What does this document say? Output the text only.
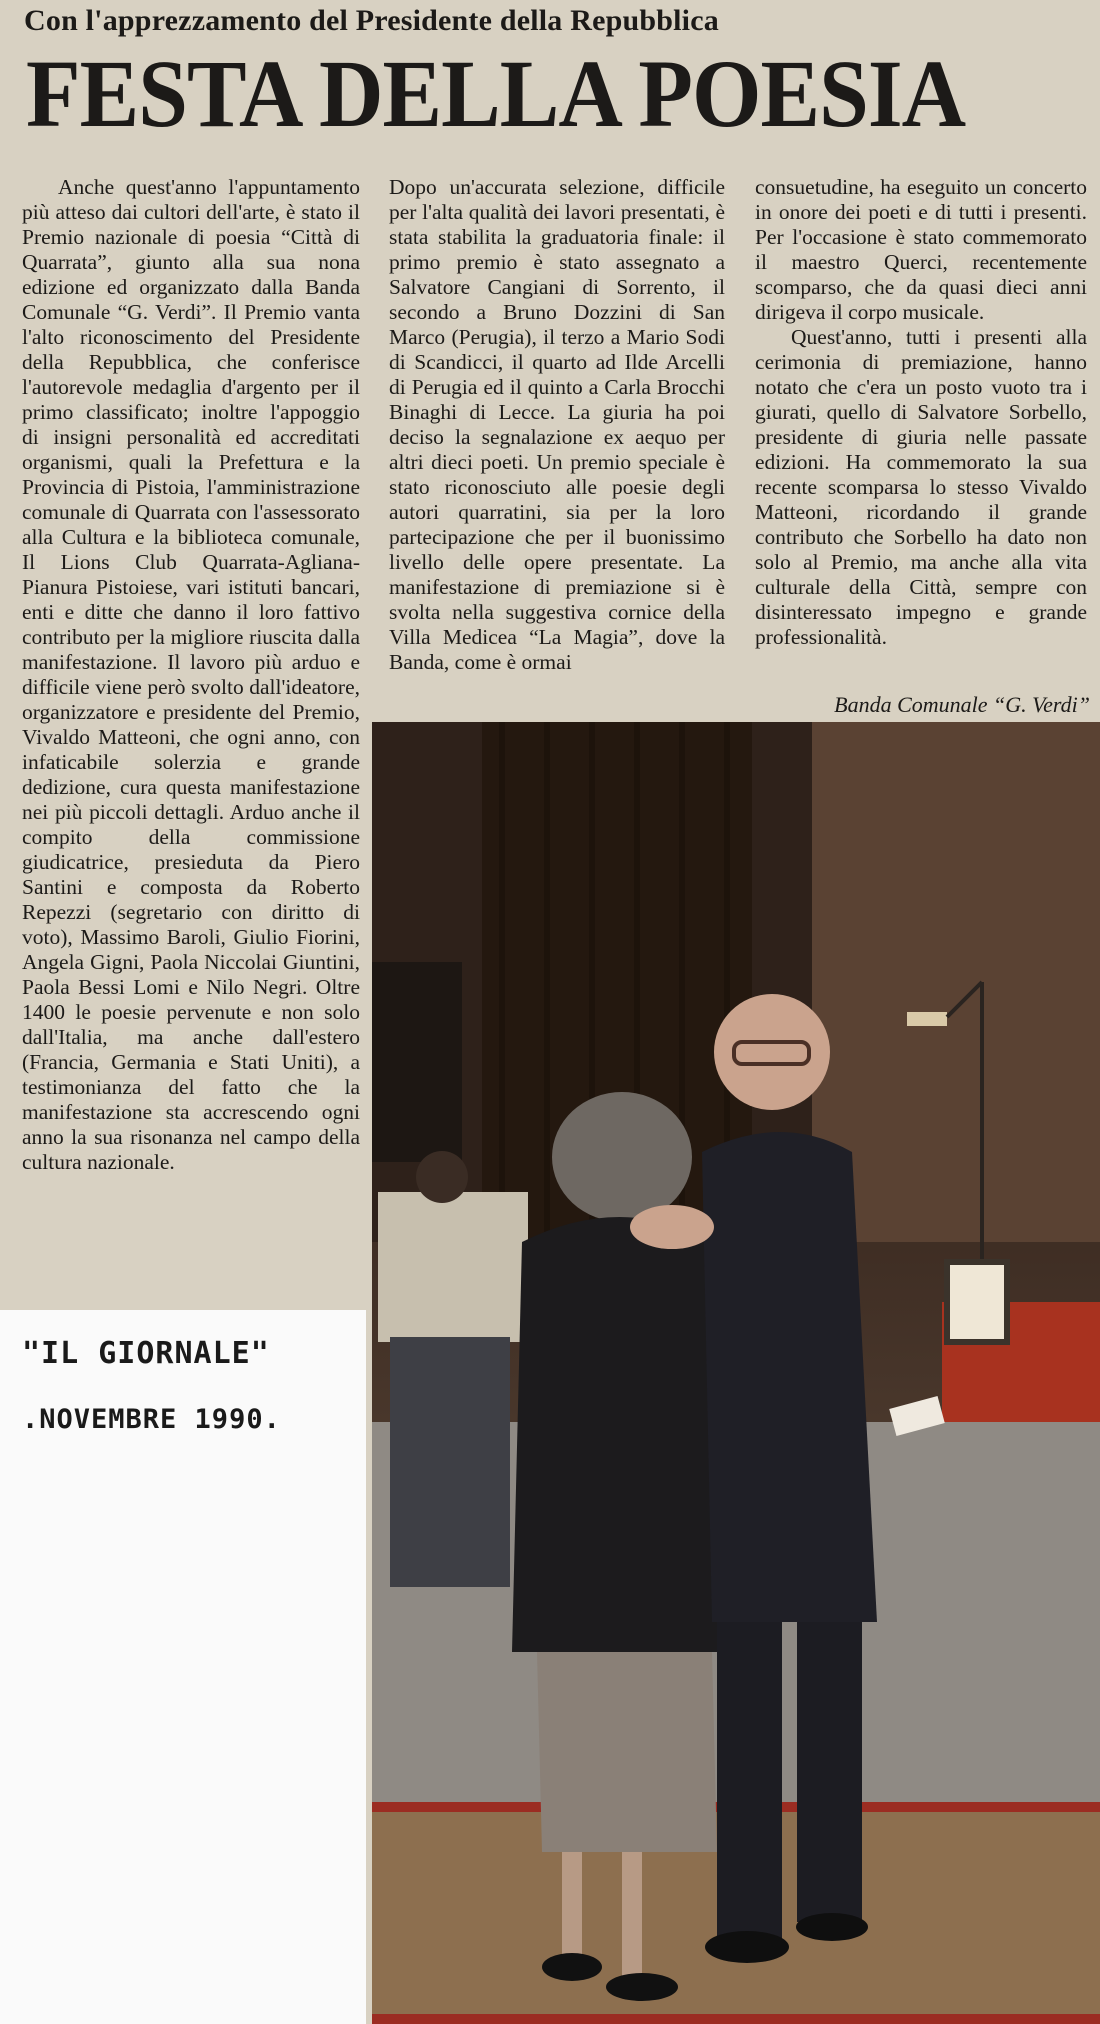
Con l'apprezzamento del Presidente della Repubblica
FESTA DELLA POESIA

Anche quest'anno l'appuntamento più atteso dai cultori dell'arte, è stato il Premio nazionale di poesia “Città di Quarrata”, giunto alla sua nona edizione ed organizzato dalla Banda Comunale “G. Verdi”. Il Premio vanta l'alto riconoscimento del Presidente della Repubblica, che conferisce l'autorevole medaglia d'argento per il primo classificato; inoltre l'appoggio di insigni personalità ed accreditati organismi, quali la Prefettura e la Provincia di Pistoia, l'amministrazione comunale di Quarrata con l'assessorato alla Cultura e la biblioteca comunale, Il Lions Club Quarrata-Agliana-Pianura Pistoiese, vari istituti bancari, enti e ditte che danno il loro fattivo contributo per la migliore riuscita dalla manifestazione. Il lavoro più arduo e difficile viene però svolto dall'ideatore, organizzatore e presidente del Premio, Vivaldo Matteoni, che ogni anno, con infaticabile solerzia e grande dedizione, cura questa manifestazione nei più piccoli dettagli. Arduo anche il compito della commissione giudicatrice, presieduta da Piero Santini e composta da Roberto Repezzi (segretario con diritto di voto), Massimo Baroli, Giulio Fiorini, Angela Gigni, Paola Niccolai Giuntini, Paola Bessi Lomi e Nilo Negri. Oltre 1400 le poesie pervenute e non solo dall'Italia, ma anche dall'estero (Francia, Germania e Stati Uniti), a testimonianza del fatto che la manifestazione sta accrescendo ogni anno la sua risonanza nel campo della cultura nazionale.

Dopo un'accurata selezione, difficile per l'alta qualità dei lavori presentati, è stata stabilita la graduatoria finale: il primo premio è stato assegnato a Salvatore Cangiani di Sorrento, il secondo a Bruno Dozzini di San Marco (Perugia), il terzo a Mario Sodi di Scandicci, il quarto ad Ilde Arcelli di Perugia ed il quinto a Carla Brocchi Binaghi di Lecce. La giuria ha poi deciso la segnalazione ex aequo per altri dieci poeti. Un premio speciale è stato riconosciuto alle poesie degli autori quarratini, sia per la loro partecipazione che per il buonissimo livello delle opere presentate. La manifestazione di premiazione si è svolta nella suggestiva cornice della Villa Medicea “La Magia”, dove la Banda, come è ormai

consuetudine, ha eseguito un concerto in onore dei poeti e di tutti i presenti. Per l'occasione è stato commemorato il maestro Querci, recentemente scomparso, che da quasi dieci anni dirigeva il corpo musicale.

Quest'anno, tutti i presenti alla cerimonia di premiazione, hanno notato che c'era un posto vuoto tra i giurati, quello di Salvatore Sorbello, presidente di giuria nelle passate edizioni. Ha commemorato la sua recente scomparsa lo stesso Vivaldo Matteoni, ricordando il grande contributo che Sorbello ha dato non solo al Premio, ma anche alla vita culturale della Città, sempre con disinteressato impegno e grande professionalità.

Banda Comunale “G. Verdi”
"IL GIORNALE"
.NOVEMBRE 1990.
